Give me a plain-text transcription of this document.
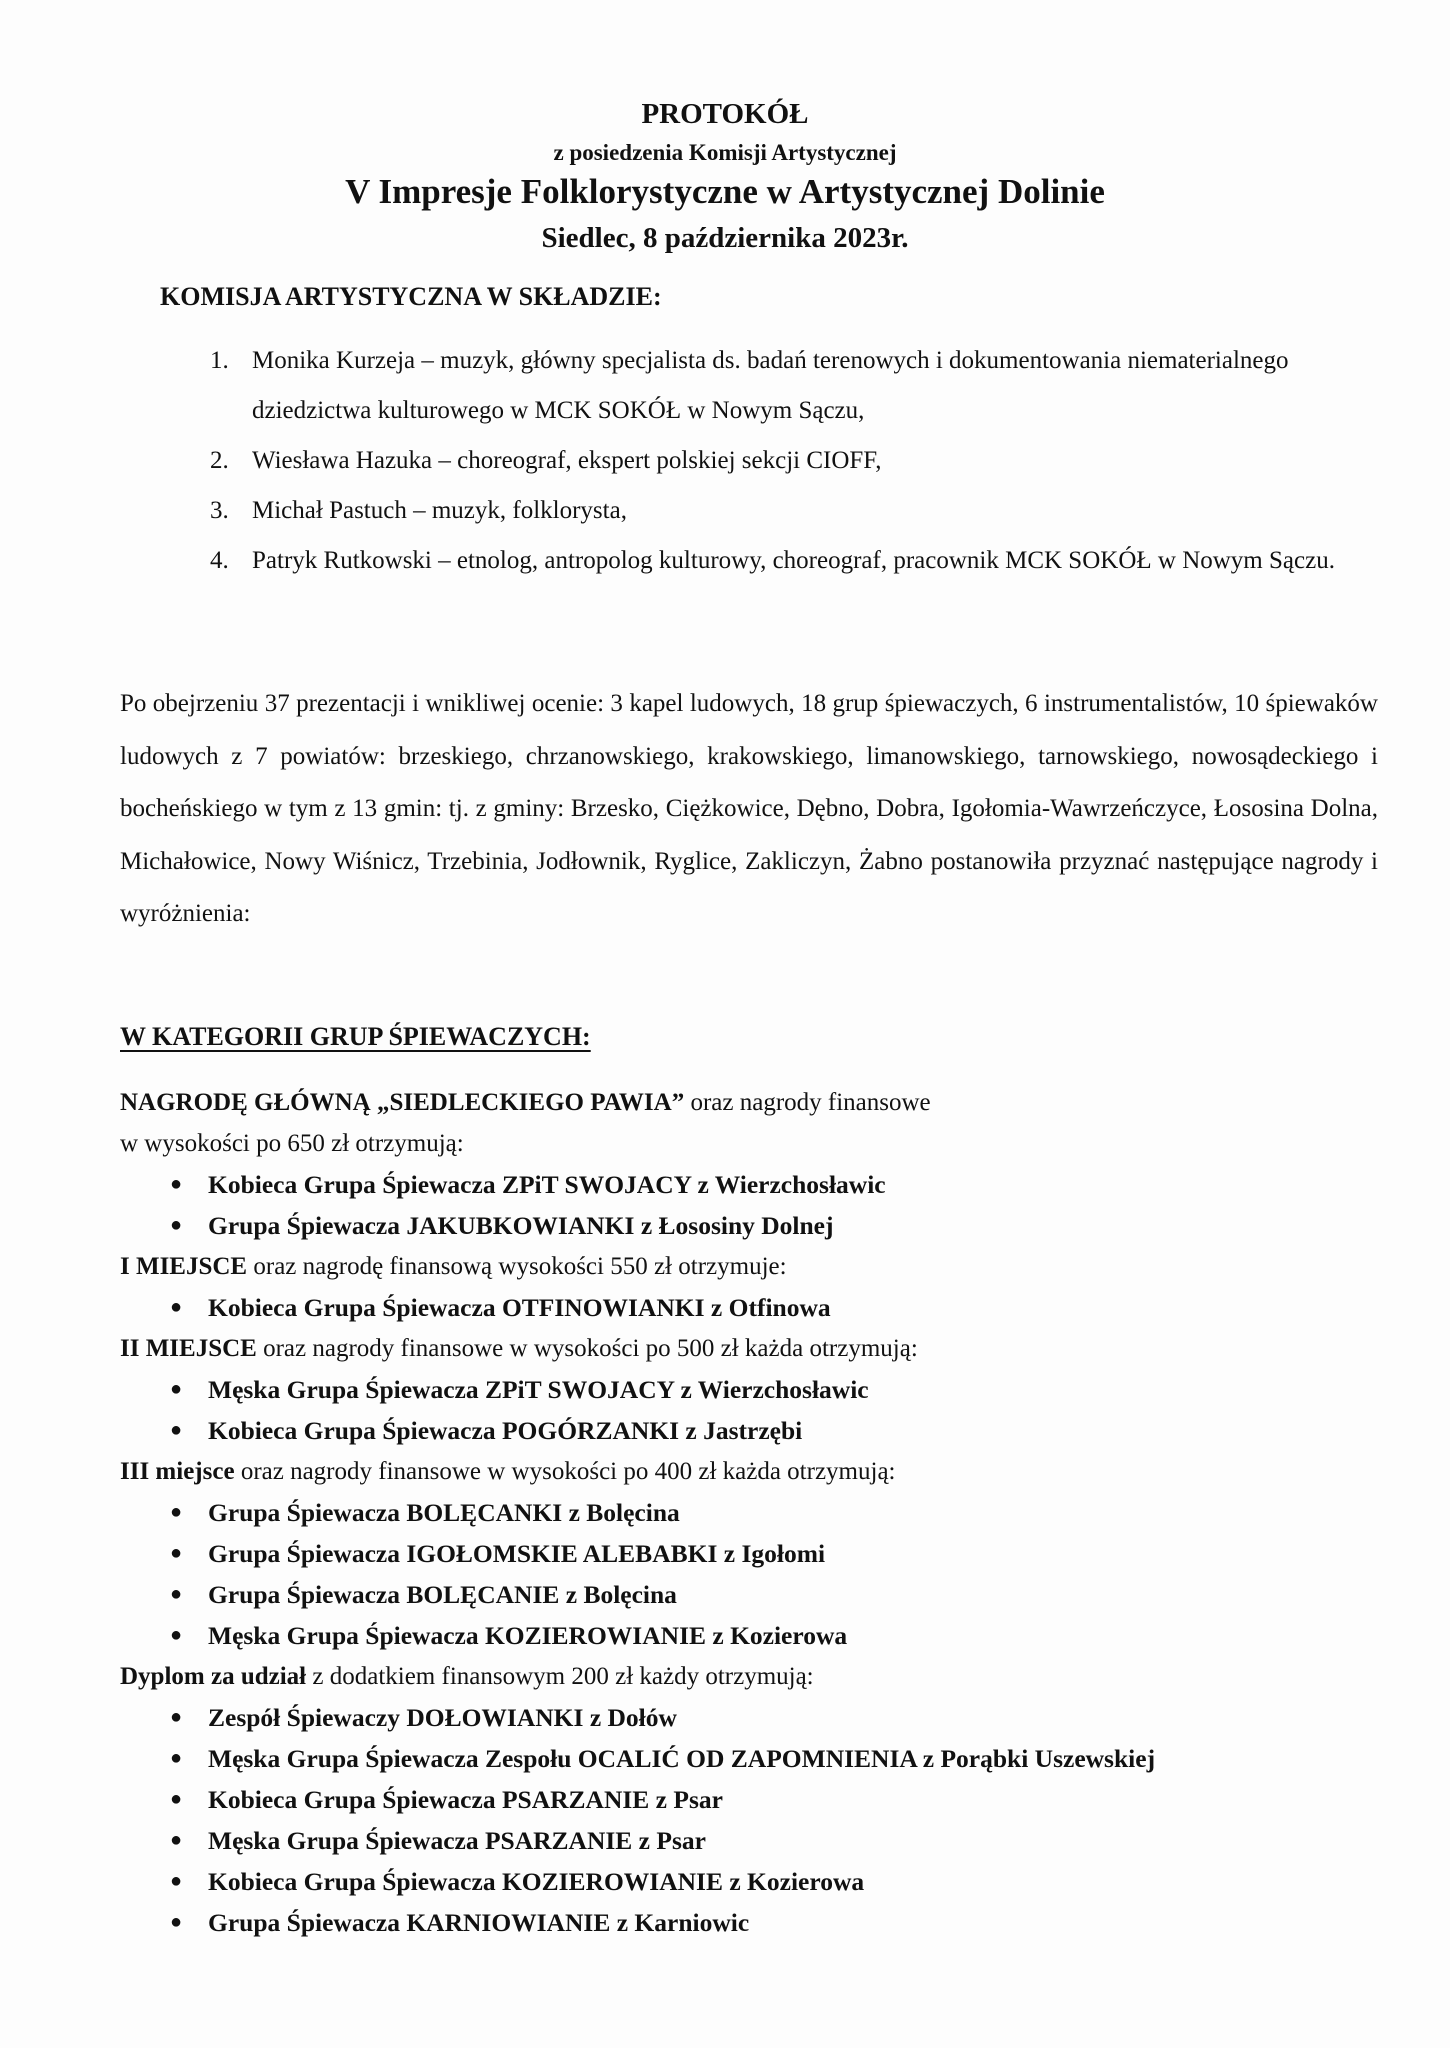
PROTOKÓŁ
z posiedzenia Komisji Artystycznej
V Impresje Folklorystyczne w Artystycznej Dolinie
Siedlec, 8 października 2023r.
KOMISJA ARTYSTYCZNA W SKŁADZIE:
1. Monika Kurzeja – muzyk, główny specjalista ds. badań terenowych i dokumentowania niematerialnego dziedzictwa kulturowego w MCK SOKÓŁ w Nowym Sączu,
2. Wiesława Hazuka – choreograf, ekspert polskiej sekcji CIOFF,
3. Michał Pastuch – muzyk, folklorysta,
4. Patryk Rutkowski – etnolog, antropolog kulturowy, choreograf, pracownik MCK SOKÓŁ w Nowym Sączu.
Po obejrzeniu 37 prezentacji i wnikliwej ocenie: 3 kapel ludowych, 18 grup śpiewaczych, 6 instrumentalistów, 10 śpiewaków ludowych z 7 powiatów: brzeskiego, chrzanowskiego, krakowskiego, limanowskiego, tarnowskiego, nowosądeckiego i bocheńskiego w tym z 13 gmin: tj. z gminy: Brzesko, Ciężkowice, Dębno, Dobra, Igołomia-Wawrzeńczyce, Łososina Dolna, Michałowice, Nowy Wiśnicz, Trzebinia, Jodłownik, Ryglice, Zakliczyn, Żabno postanowiła przyznać następujące nagrody i wyróżnienia:
W KATEGORII GRUP ŚPIEWACZYCH:
NAGRODĘ GŁÓWNĄ „SIEDLECKIEGO PAWIA” oraz nagrody finansowe
w wysokości po 650 zł otrzymują:
● Kobieca Grupa Śpiewacza ZPiT SWOJACY z Wierzchosławic
● Grupa Śpiewacza JAKUBKOWIANKI z Łososiny Dolnej
I MIEJSCE oraz nagrodę finansową wysokości 550 zł otrzymuje:
● Kobieca Grupa Śpiewacza OTFINOWIANKI z Otfinowa
II MIEJSCE oraz nagrody finansowe w wysokości po 500 zł każda otrzymują:
● Męska Grupa Śpiewacza ZPiT SWOJACY z Wierzchosławic
● Kobieca Grupa Śpiewacza POGÓRZANKI z Jastrzębi
III miejsce oraz nagrody finansowe w wysokości po 400 zł każda otrzymują:
● Grupa Śpiewacza BOLĘCANKI z Bolęcina
● Grupa Śpiewacza IGOŁOMSKIE ALEBABKI z Igołomi
● Grupa Śpiewacza BOLĘCANIE z Bolęcina
● Męska Grupa Śpiewacza KOZIEROWIANIE z Kozierowa
Dyplom za udział z dodatkiem finansowym 200 zł każdy otrzymują:
● Zespół Śpiewaczy DOŁOWIANKI z Dołów
● Męska Grupa Śpiewacza Zespołu OCALIĆ OD ZAPOMNIENIA z Porąbki Uszewskiej
● Kobieca Grupa Śpiewacza PSARZANIE z Psar
● Męska Grupa Śpiewacza PSARZANIE z Psar
● Kobieca Grupa Śpiewacza KOZIEROWIANIE z Kozierowa
● Grupa Śpiewacza KARNIOWIANIE z Karniowic
